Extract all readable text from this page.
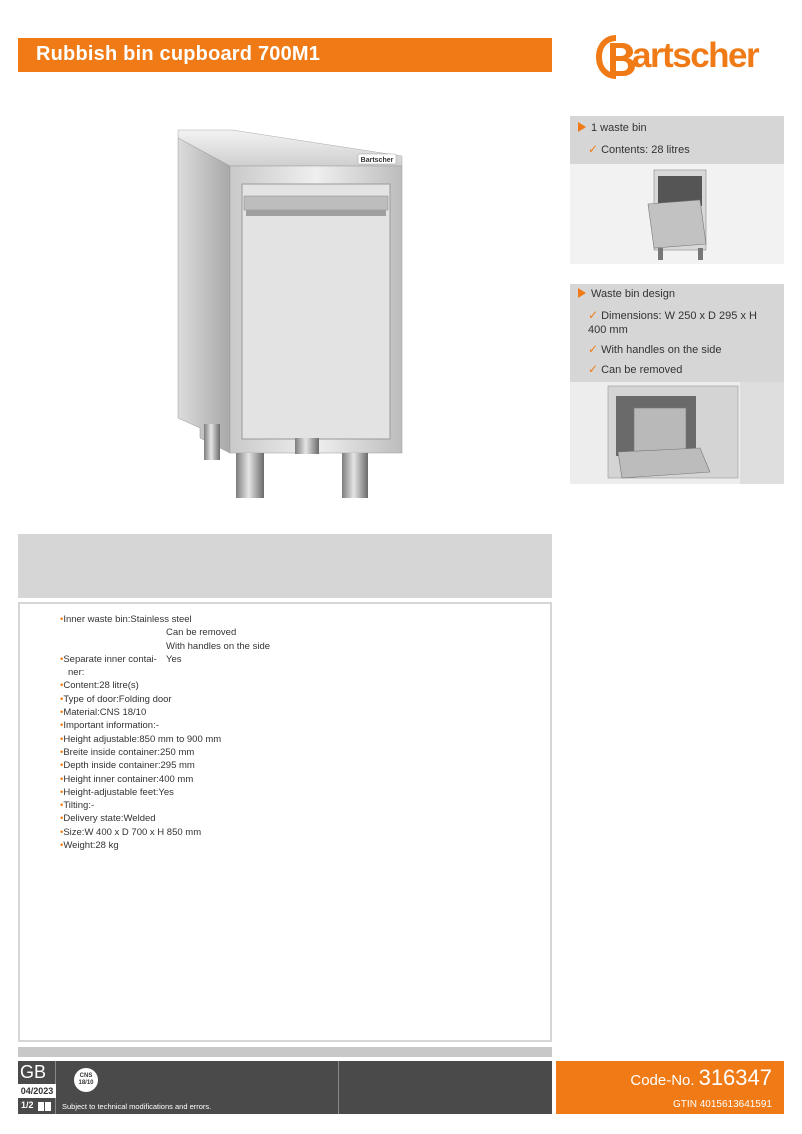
Rubbish bin cupboard 700M1	artscher
Bartscher
1 waste bin
✓ Contents: 28 litres
Waste bin design
✓ Dimensions: W 250 x D 295 x H 400 mm
✓ With handles on the side
✓ Can be removed
•Inner waste bin:Stainless steel
Can be removed
With handles on the side
•Separate inner contai- Yes
ner:
•Content:28 litre(s)
•Type of door:Folding door
•Material:CNS 18/10
•Important information:-
•Height adjustable:850 mm to 900 mm
•Breite inside container:250 mm
•Depth inside container:295 mm
•Height inner container:400 mm
•Height-adjustable feet:Yes
•Tilting:-
•Delivery state:Welded
•Size:W 400 x D 700 x H 850 mm
•Weight:28 kg
GB
04/2023
1/2
CNS
18/10
Subject to technical modifications and errors.
Code-No. 316347
GTIN 4015613641591
